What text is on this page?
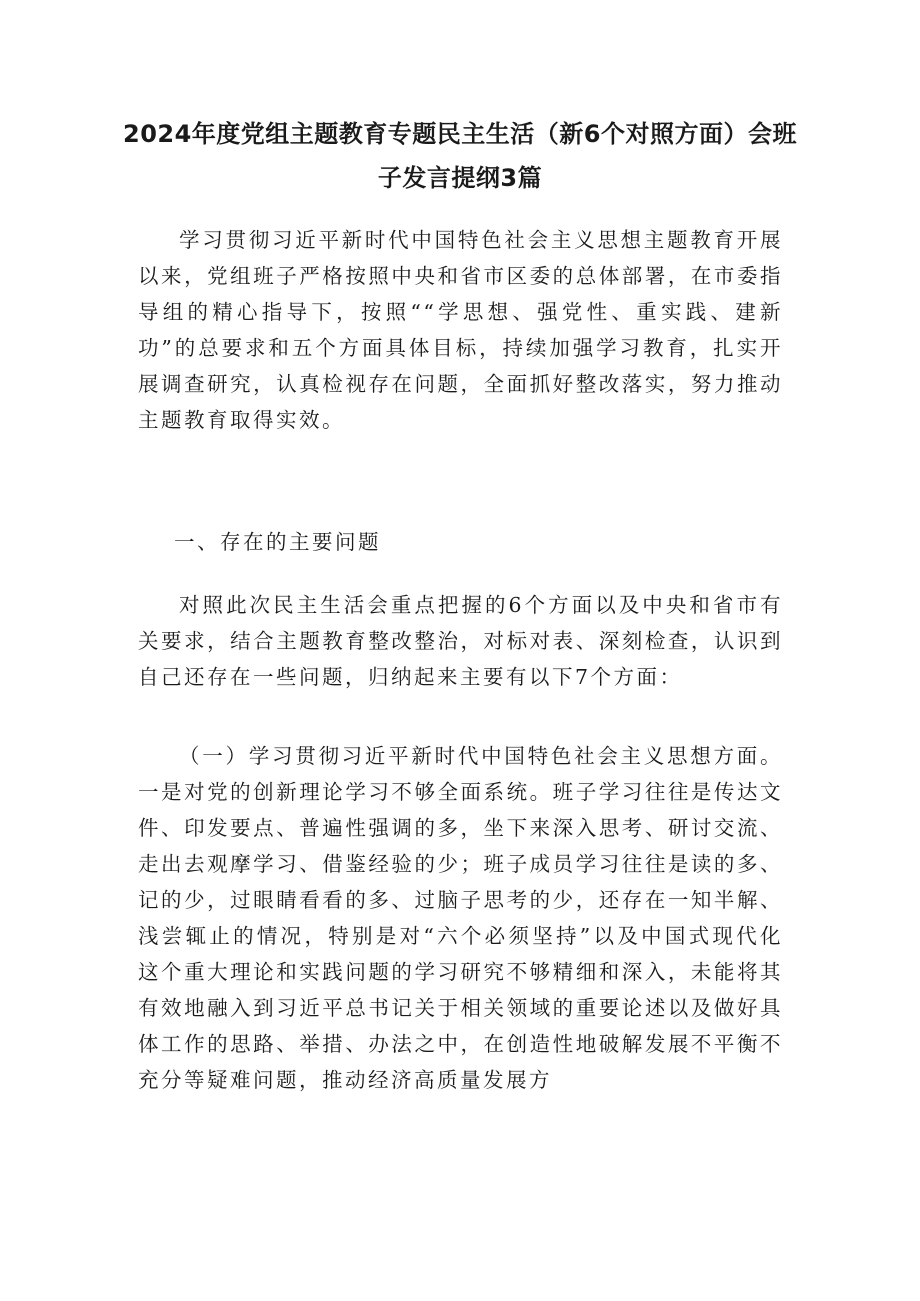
2024年度党组主题教育专题民主生活（新6个对照方面）会班子发言提纲3篇

学习贯彻习近平新时代中国特色社会主义思想主题教育开展以来，党组班子严格按照中央和省市区委的总体部署，在市委指导组的精心指导下，按照““学思想、强党性、重实践、建新功”的总要求和五个方面具体目标，持续加强学习教育，扎实开展调查研究，认真检视存在问题，全面抓好整改落实，努力推动主题教育取得实效。

一、存在的主要问题

对照此次民主生活会重点把握的6个方面以及中央和省市有关要求，结合主题教育整改整治，对标对表、深刻检查，认识到自己还存在一些问题，归纳起来主要有以下7个方面：

（一）学习贯彻习近平新时代中国特色社会主义思想方面。一是对党的创新理论学习不够全面系统。班子学习往往是传达文件、印发要点、普遍性强调的多，坐下来深入思考、研讨交流、走出去观摩学习、借鉴经验的少；班子成员学习往往是读的多、记的少，过眼睛看看的多、过脑子思考的少，还存在一知半解、浅尝辄止的情况，特别是对“六个必须坚持”以及中国式现代化这个重大理论和实践问题的学习研究不够精细和深入，未能将其有效地融入到习近平总书记关于相关领域的重要论述以及做好具体工作的思路、举措、办法之中，在创造性地破解发展不平衡不充分等疑难问题，推动经济高质量发展方
